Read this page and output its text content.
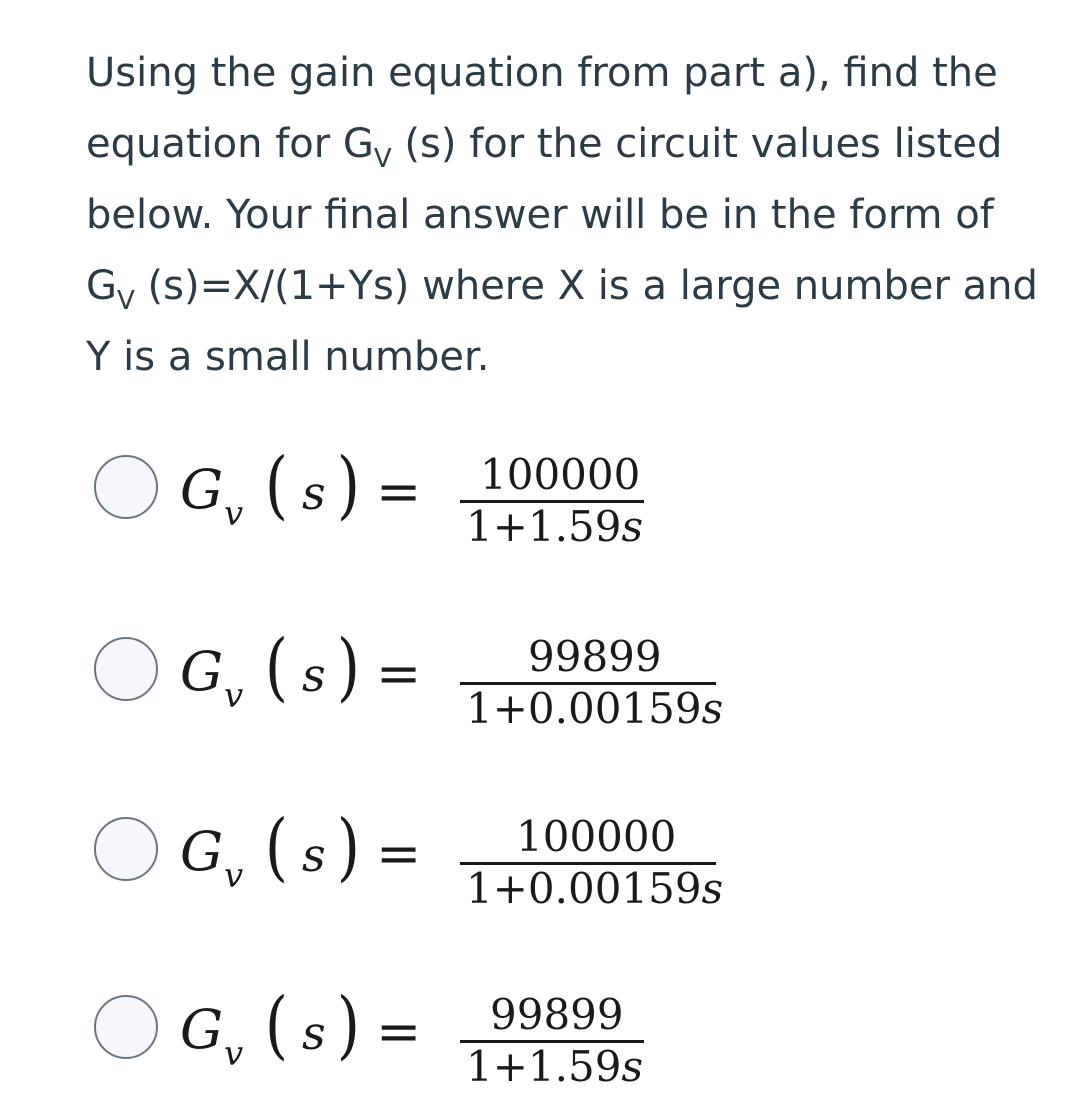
Using the gain equation from part a), find the
equation for $G_V$ (s) for the circuit values listed
below. Your final answer will be in the form of
$G_V$ (s)=X/(1+Ys) where X is a large number and
Y is a small number.
G v ( s ) = 100000
1+1.59s
G v ( s ) =	99899
1+0.00159s
G v ( s ) = 100000
1+0.00159s
G v ( s ) = 99899
1+1.59s
